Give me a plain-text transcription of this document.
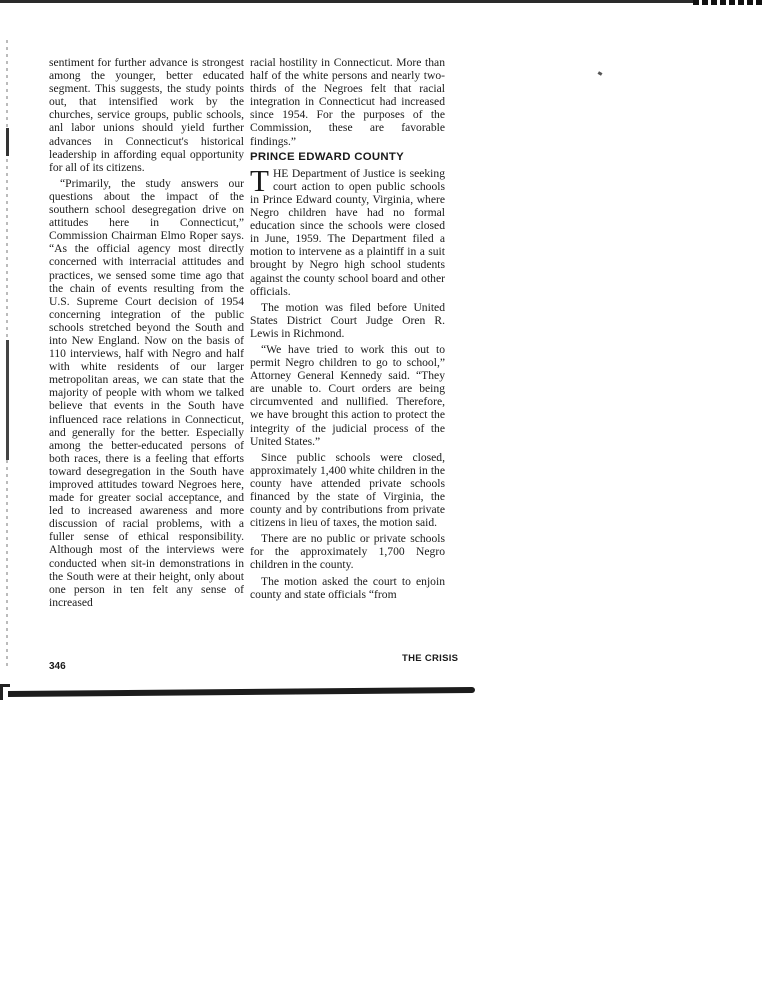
sentiment for further advance is strongest among the younger, better educated segment. This suggests, the study points out, that intensified work by the churches, service groups, public schools, anl labor unions should yield further advances in Connecticut's historical leadership in affording equal opportunity for all of its citizens.

“Primarily, the study answers our questions about the impact of the southern school desegregation drive on attitudes here in Connecticut,” Commission Chairman Elmo Roper says. “As the official agency most directly concerned with interracial attitudes and practices, we sensed some time ago that the chain of events resulting from the U.S. Supreme Court decision of 1954 concerning integration of the public schools stretched beyond the South and into New England. Now on the basis of 110 interviews, half with Negro and half with white residents of our larger metropolitan areas, we can state that the majority of people with whom we talked believe that events in the South have influenced race relations in Connecticut, and generally for the better. Especially among the better-educated persons of both races, there is a feeling that efforts toward desegregation in the South have improved attitudes toward Negroes here, made for greater social acceptance, and led to increased awareness and more discussion of racial problems, with a fuller sense of ethical responsibility. Although most of the interviews were conducted when sit-in demonstrations in the South were at their height, only about one person in ten felt any sense of increased

racial hostility in Connecticut. More than half of the white persons and nearly two-thirds of the Negroes felt that racial integration in Connecticut had increased since 1954. For the purposes of the Commission, these are favorable findings.”

PRINCE EDWARD COUNTY

THE Department of Justice is seeking court action to open public schools in Prince Edward county, Virginia, where Negro children have had no formal education since the schools were closed in June, 1959. The Department filed a motion to intervene as a plaintiff in a suit brought by Negro high school students against the county school board and other officials.

The motion was filed before United States District Court Judge Oren R. Lewis in Richmond.

“We have tried to work this out to permit Negro children to go to school,” Attorney General Kennedy said. “They are unable to. Court orders are being circumvented and nullified. Therefore, we have brought this action to protect the integrity of the judicial process of the United States.”

Since public schools were closed, approximately 1,400 white children in the county have attended private schools financed by the state of Virginia, the county and by contributions from private citizens in lieu of taxes, the motion said.

There are no public or private schools for the approximately 1,700 Negro children in the county.

The motion asked the court to enjoin county and state officials “from

346
THE CRISIS
